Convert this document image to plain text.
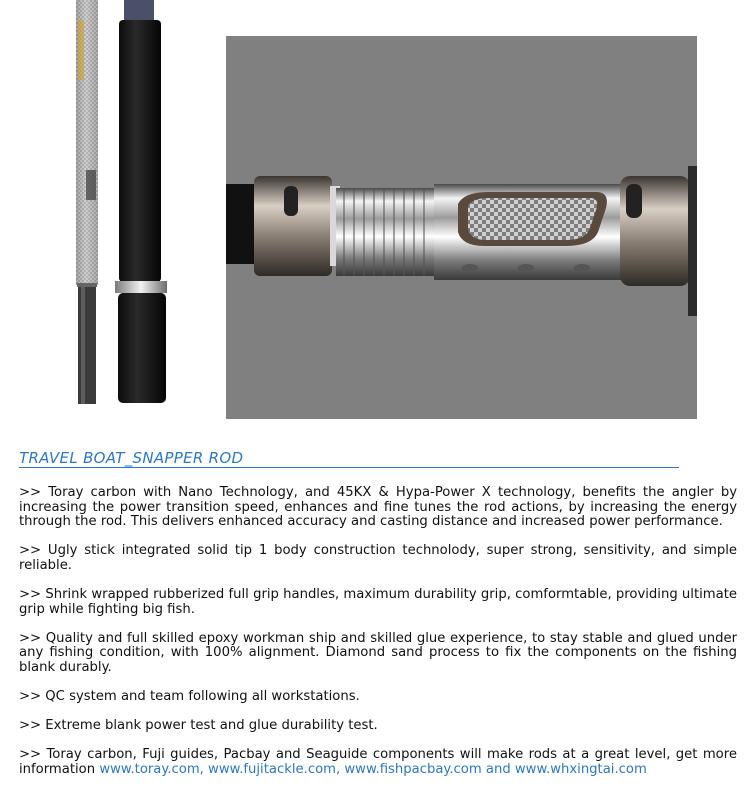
TRAVEL BOAT_SNAPPER ROD

>> Toray carbon with Nano Technology, and 45KX & Hypa-Power X technology, benefits the angler by increasing the power transition speed, enhances and fine tunes the rod actions, by increasing the energy through the rod. This delivers enhanced accuracy and casting distance and increased power performance.

>> Ugly stick integrated solid tip 1 body construction technolody, super strong, sensitivity, and simple reliable.

>> Shrink wrapped rubberized full grip handles, maximum durability grip, comformtable, providing ultimate grip while fighting big fish.

>> Quality and full skilled epoxy workman ship and skilled glue experience, to stay stable and glued under any fishing condition, with 100% alignment. Diamond sand process to fix the components on the fishing blank durably.

>> QC system and team following all workstations.

>> Extreme blank power test and glue durability test.

>> Toray carbon, Fuji guides, Pacbay and Seaguide components will make rods at a great level, get more information www.toray.com, www.fujitackle.com, www.fishpacbay.com and www.whxingtai.com
